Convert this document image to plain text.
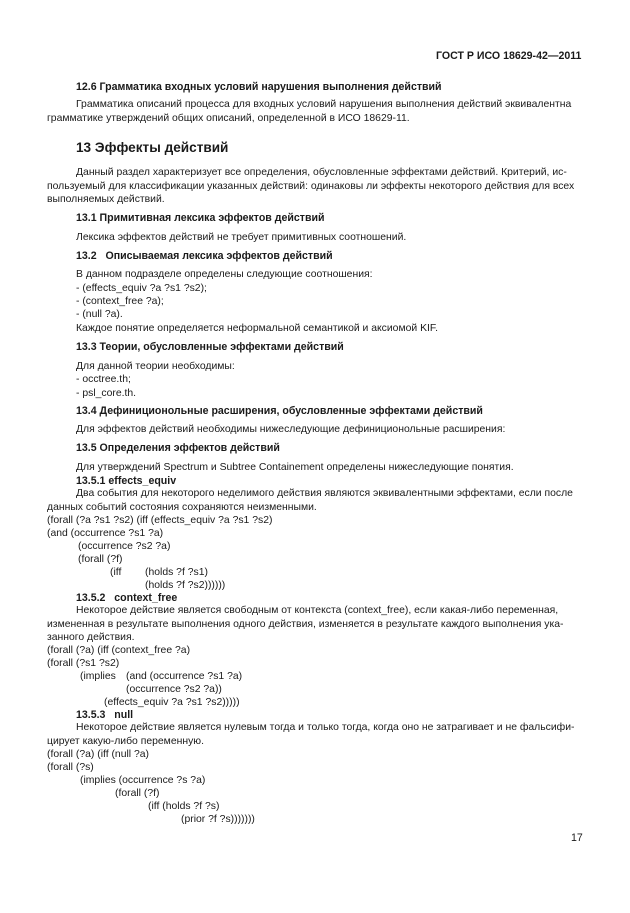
ГОСТ Р ИСО 18629-42—2011
12.6 Грамматика входных условий нарушения выполнения действий
Грамматика описаний процесса для входных условий нарушения выполнения действий эквивалентна
грамматике утверждений общих описаний, определенной в ИСО 18629-11.
13 Эффекты действий
Данный раздел характеризует все определения, обусловленные эффектами действий. Критерий, ис-
пользуемый для классификации указанных действий: одинаковы ли эффекты некоторого действия для всех
выполняемых действий.
13.1 Примитивная лексика эффектов действий
Лексика эффектов действий не требует примитивных соотношений.
13.2   Описываемая лексика эффектов действий
В данном подразделе определены следующие соотношения:
- (effects_equiv ?a ?s1 ?s2);
- (context_free ?a);
- (null ?a).
Каждое понятие определяется неформальной семантикой и аксиомой KIF.
13.3 Теории, обусловленные эффектами действий
Для данной теории необходимы:
- occtree.th;
- psl_core.th.
13.4 Дефиниционольные расширения, обусловленные эффектами действий
Для эффектов действий необходимы нижеследующие дефиниционольные расширения:
13.5 Определения эффектов действий
Для утверждений Spectrum и Subtree Containement определены нижеследующие понятия.
13.5.1 effects_equiv
Два события для некоторого неделимого действия являются эквивалентными эффектами, если после
данных событий состояния сохраняются неизменными.
(forall (?a ?s1 ?s2) (iff (effects_equiv ?a ?s1 ?s2)
(and (occurrence ?s1 ?a)
(occurrence ?s2 ?a)
(forall (?f)
(iff (holds ?f ?s1)
(holds ?f ?s2))))))
13.5.2   context_free
Некоторое действие является свободным от контекста (context_free), если какая-либо переменная,
измененная в результате выполнения одного действия, изменяется в результате каждого выполнения ука-
занного действия.
(forall (?a) (iff (context_free ?a)
(forall (?s1 ?s2)
(implies (and (occurrence ?s1 ?a)
(occurrence ?s2 ?a))
(effects_equiv ?a ?s1 ?s2)))))
13.5.3   null
Некоторое действие является нулевым тогда и только тогда, когда оно не затрагивает и не фальсифи-
цирует какую-либо переменную.
(forall (?a) (iff (null ?a)
(forall (?s)
(implies (occurrence ?s ?a)
(forall (?f)
(iff (holds ?f ?s)
(prior ?f ?s)))))))
17
